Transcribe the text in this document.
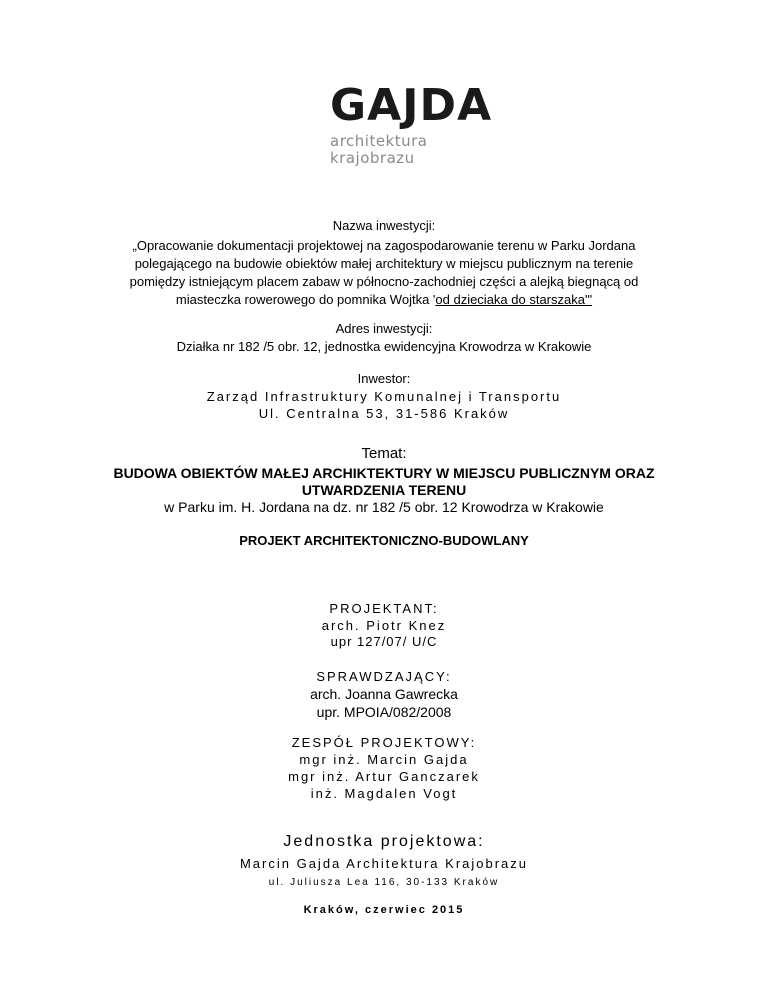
GAJDA
architektura
krajobrazu
Nazwa inwestycji:
„Opracowanie dokumentacji projektowej na zagospodarowanie terenu w Parku Jordana
polegającego na budowie obiektów małej architektury w miejscu publicznym na terenie
pomiędzy istniejącym placem zabaw w północno-zachodniej części a alejką biegnącą od
miasteczka rowerowego do pomnika Wojtka 'od dzieciaka do starszaka'"
Adres inwestycji:
Działka nr 182 /5 obr. 12, jednostka ewidencyjna Krowodrza w Krakowie
Inwestor:
Zarząd Infrastruktury Komunalnej i Transportu
Ul. Centralna 53, 31-586 Kraków
Temat:
BUDOWA OBIEKTÓW MAŁEJ ARCHIKTEKTURY W MIEJSCU PUBLICZNYM ORAZ
UTWARDZENIA TERENU
w Parku im. H. Jordana na dz. nr 182 /5 obr. 12 Krowodrza w Krakowie
PROJEKT ARCHITEKTONICZNO-BUDOWLANY
PROJEKTANT:
arch. Piotr Knez
upr 127/07/ U/C
SPRAWDZAJĄCY:
arch. Joanna Gawrecka
upr. MPOIA/082/2008
ZESPÓŁ PROJEKTOWY:
mgr inż. Marcin Gajda
mgr inż. Artur Ganczarek
inż. Magdalen Vogt
Jednostka projektowa:
Marcin Gajda Architektura Krajobrazu
ul. Juliusza Lea 116, 30-133 Kraków
Kraków, czerwiec 2015
